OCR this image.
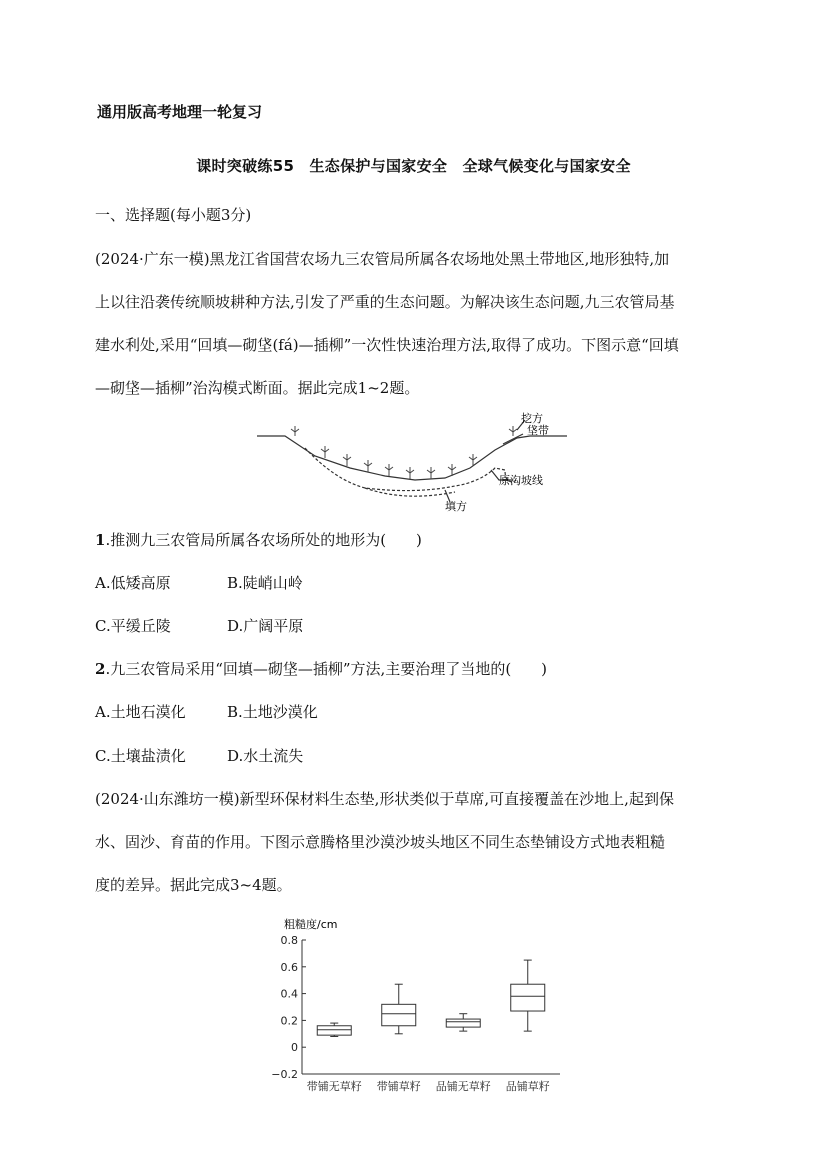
通用版高考地理一轮复习
课时突破练55　生态保护与国家安全　全球气候变化与国家安全
一、选择题(每小题3分)
(2024·广东一模)黑龙江省国营农场九三农管局所属各农场地处黑土带地区,地形独特,加
上以往沿袭传统顺坡耕种方法,引发了严重的生态问题。为解决该生态问题,九三农管局基
建水利处,采用“回填—砌垡(fá)—插柳”一次性快速治理方法,取得了成功。下图示意“回填
—砌垡—插柳”治沟模式断面。据此完成1~2题。
挖方
垡带
原沟坡线
填方
1.推测九三农管局所属各农场所处的地形为(　　)
A.低矮高原	B.陡峭山岭
C.平缓丘陵	D.广阔平原
2.九三农管局采用“回填—砌垡—插柳”方法,主要治理了当地的(　　)
A.土地石漠化	B.土地沙漠化
C.土壤盐渍化	D.水土流失
(2024·山东潍坊一模)新型环保材料生态垫,形状类似于草席,可直接覆盖在沙地上,起到保
水、固沙、育苗的作用。下图示意腾格里沙漠沙坡头地区不同生态垫铺设方式地表粗糙
度的差异。据此完成3~4题。
粗糙度/cm
−0.2
0
0.2
0.4
0.6
0.8
带铺无草籽 带铺草籽 品铺无草籽 品铺草籽
